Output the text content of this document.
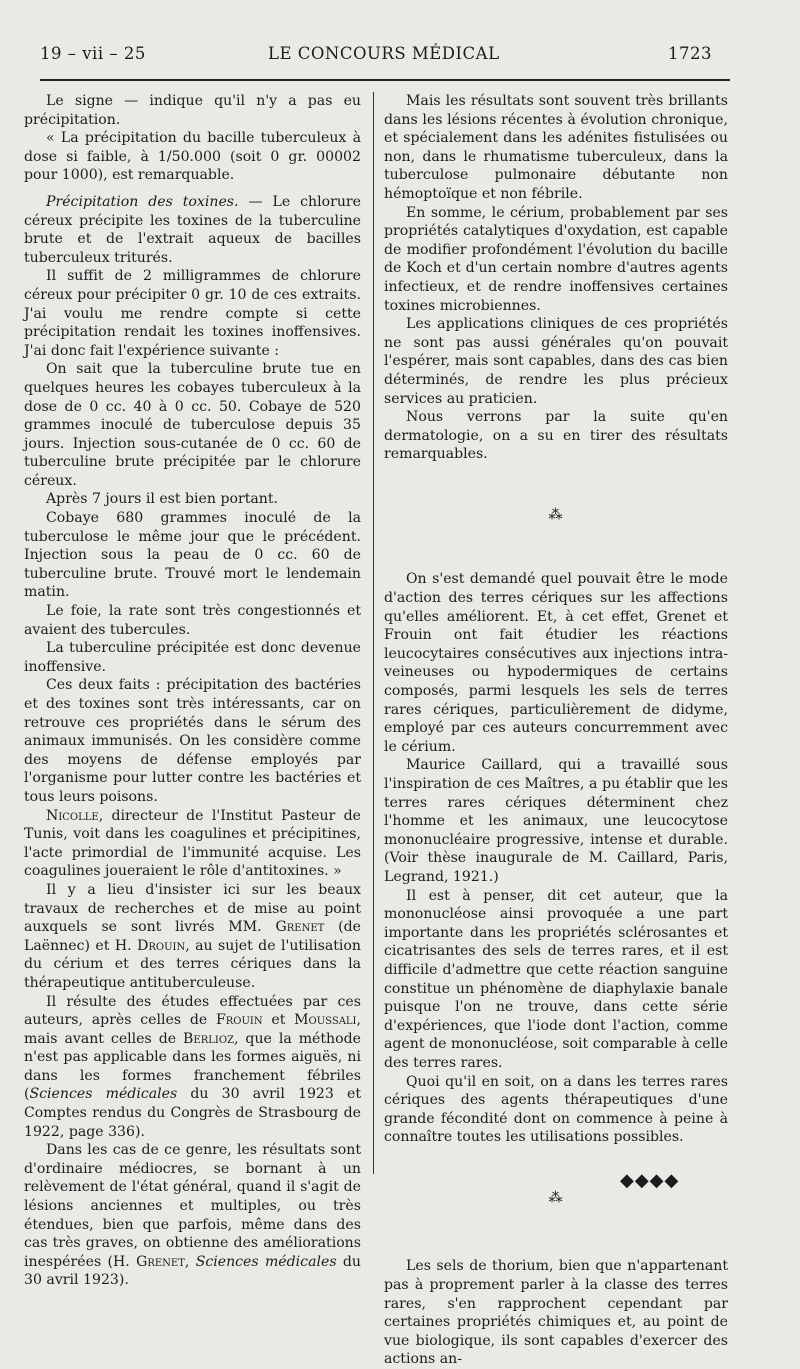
19 – vii – 25	LE CONCOURS MÉDICAL	1723

Le signe — indique qu'il n'y a pas eu précipitation.

« La précipitation du bacille tuberculeux à dose si faible, à 1/50.000 (soit 0 gr. 00002 pour 1000), est remarquable.

Précipitation des toxines. — Le chlorure céreux précipite les toxines de la tuberculine brute et de l'extrait aqueux de bacilles tuberculeux triturés.

Il suffit de 2 milligrammes de chlorure céreux pour précipiter 0 gr. 10 de ces extraits. J'ai voulu me rendre compte si cette précipitation rendait les toxines inoffensives. J'ai donc fait l'expérience suivante :

On sait que la tuberculine brute tue en quelques heures les cobayes tuberculeux à la dose de 0 cc. 40 à 0 cc. 50. Cobaye de 520 grammes inoculé de tuberculose depuis 35 jours. Injection sous-cutanée de 0 cc. 60 de tuberculine brute précipitée par le chlorure céreux.

Après 7 jours il est bien portant.

Cobaye 680 grammes inoculé de la tuberculose le même jour que le précédent. Injection sous la peau de 0 cc. 60 de tuberculine brute. Trouvé mort le lendemain matin.

Le foie, la rate sont très congestionnés et avaient des tubercules.

La tuberculine précipitée est donc devenue inoffensive.

Ces deux faits : précipitation des bactéries et des toxines sont très intéressants, car on retrouve ces propriétés dans le sérum des animaux immunisés. On les considère comme des moyens de défense employés par l'organisme pour lutter contre les bactéries et tous leurs poisons.

Nicolle, directeur de l'Institut Pasteur de Tunis, voit dans les coagulines et précipitines, l'acte primordial de l'immunité acquise. Les coagulines joueraient le rôle d'antitoxines. »

Il y a lieu d'insister ici sur les beaux travaux de recherches et de mise au point auxquels se sont livrés MM. Grenet (de Laënnec) et H. Drouin, au sujet de l'utilisation du cérium et des terres cériques dans la thérapeutique antituberculeuse.

Il résulte des études effectuées par ces auteurs, après celles de Frouin et Moussali, mais avant celles de Berlioz, que la méthode n'est pas applicable dans les formes aiguës, ni dans les formes franchement fébriles (Sciences médicales du 30 avril 1923 et Comptes rendus du Congrès de Strasbourg de 1922, page 336).

Dans les cas de ce genre, les résultats sont d'ordinaire médiocres, se bornant à un relèvement de l'état général, quand il s'agit de lésions anciennes et multiples, ou très étendues, bien que parfois, même dans des cas très graves, on obtienne des améliorations inespérées (H. Grenet, Sciences médicales du 30 avril 1923).

Mais les résultats sont souvent très brillants dans les lésions récentes à évolution chronique, et spécialement dans les adénites fistulisées ou non, dans le rhumatisme tuberculeux, dans la tuberculose pulmonaire débutante non hémoptoïque et non fébrile.

En somme, le cérium, probablement par ses propriétés catalytiques d'oxydation, est capable de modifier profondément l'évolution du bacille de Koch et d'un certain nombre d'autres agents infectieux, et de rendre inoffensives certaines toxines microbiennes.

Les applications cliniques de ces propriétés ne sont pas aussi générales qu'on pouvait l'espérer, mais sont capables, dans des cas bien déterminés, de rendre les plus précieux services au praticien.

Nous verrons par la suite qu'en dermatologie, on a su en tirer des résultats remarquables.

⁂

On s'est demandé quel pouvait être le mode d'action des terres cériques sur les affections qu'elles améliorent. Et, à cet effet, Grenet et Frouin ont fait étudier les réactions leucocytaires consécutives aux injections intra-veineuses ou hypodermiques de certains composés, parmi lesquels les sels de terres rares cériques, particulièrement de didyme, employé par ces auteurs concurremment avec le cérium.

Maurice Caillard, qui a travaillé sous l'inspiration de ces Maîtres, a pu établir que les terres rares cériques déterminent chez l'homme et les animaux, une leucocytose mononucléaire progressive, intense et durable. (Voir thèse inaugurale de M. Caillard, Paris, Legrand, 1921.)

Il est à penser, dit cet auteur, que la mononucléose ainsi provoquée a une part importante dans les propriétés sclérosantes et cicatrisantes des sels de terres rares, et il est difficile d'admettre que cette réaction sanguine constitue un phénomène de diaphylaxie banale puisque l'on ne trouve, dans cette série d'expériences, que l'iode dont l'action, comme agent de mononucléose, soit comparable à celle des terres rares.

Quoi qu'il en soit, on a dans les terres rares cériques des agents thérapeutiques d'une grande fécondité dont on commence à peine à connaître toutes les utilisations possibles.

⁂

Les sels de thorium, bien que n'appartenant pas à proprement parler à la classe des terres rares, s'en rapprochent cependant par certaines propriétés chimiques et, au point de vue biologique, ils sont capables d'exercer des actions an-

◆◆◆◆
